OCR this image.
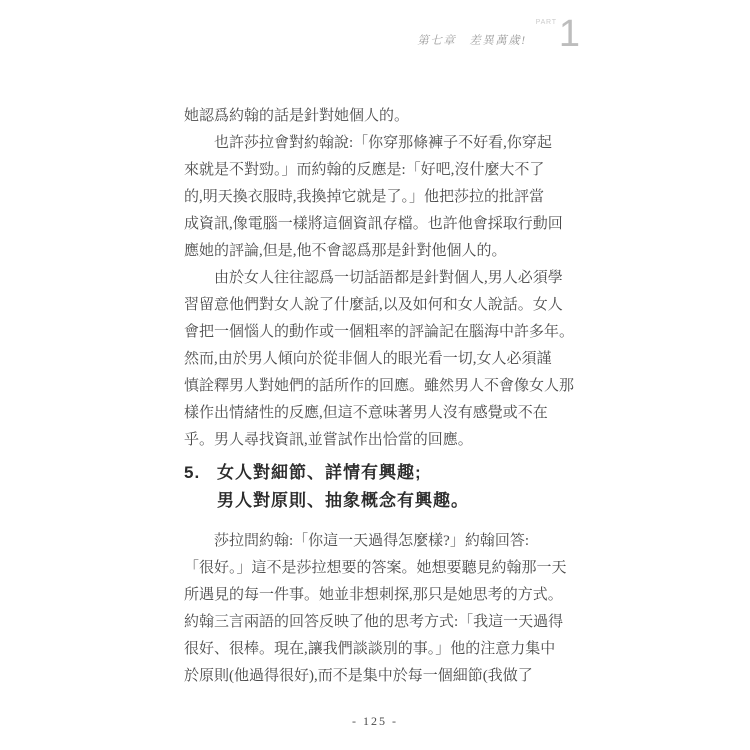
第七章　差異萬歲!
PART 1
她認爲約翰的話是針對她個人的。
　　也許莎拉會對約翰說:「你穿那條褲子不好看,你穿起
來就是不對勁。」而約翰的反應是:「好吧,沒什麼大不了
的,明天換衣服時,我換掉它就是了。」他把莎拉的批評當
成資訊,像電腦一樣將這個資訊存檔。也許他會採取行動回
應她的評論,但是,他不會認爲那是針對他個人的。
　　由於女人往往認爲一切話語都是針對個人,男人必須學
習留意他們對女人說了什麼話,以及如何和女人說話。女人
會把一個惱人的動作或一個粗率的評論記在腦海中許多年。
然而,由於男人傾向於從非個人的眼光看一切,女人必須謹
慎詮釋男人對她們的話所作的回應。雖然男人不會像女人那
樣作出情緒性的反應,但這不意味著男人沒有感覺或不在
乎。男人尋找資訊,並嘗試作出恰當的回應。
5. 女人對細節、詳情有興趣;
男人對原則、抽象概念有興趣。
　　莎拉問約翰:「你這一天過得怎麼樣?」約翰回答:
「很好。」這不是莎拉想要的答案。她想要聽見約翰那一天
所遇見的每一件事。她並非想刺探,那只是她思考的方式。
約翰三言兩語的回答反映了他的思考方式:「我這一天過得
很好、很棒。現在,讓我們談談別的事。」他的注意力集中
於原則(他過得很好),而不是集中於每一個細節(我做了
- 125 -
